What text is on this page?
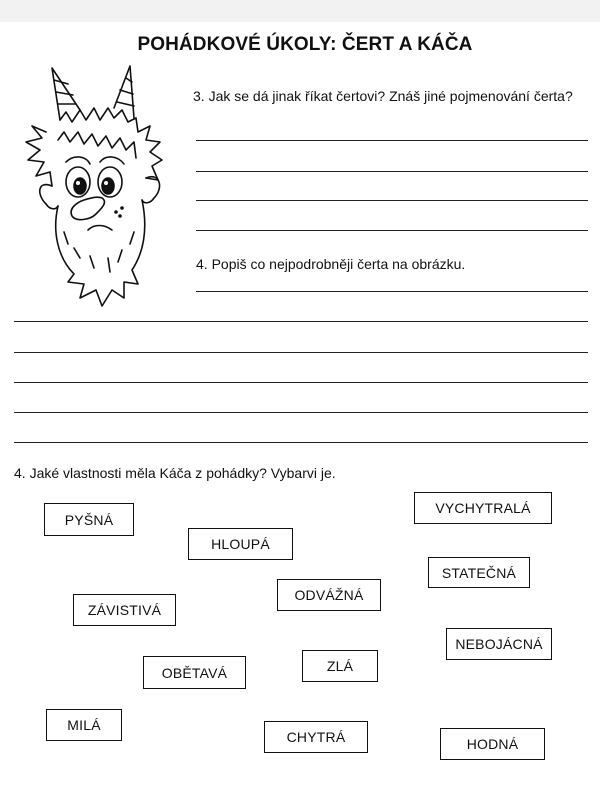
POHÁDKOVÉ ÚKOLY: ČERT A KÁČA
3. Jak se dá jinak říkat čertovi? Znáš jiné pojmenování čerta?
4. Popiš co nejpodrobněji čerta na obrázku.
4. Jaké vlastnosti měla Káča z pohádky? Vybarvi je.
PYŠNÁ
HLOUPÁ
VYCHYTRALÁ
STATEČNÁ
ZÁVISTIVÁ
ODVÁŽNÁ
NEBOJÁCNÁ
OBĚTAVÁ	ZLÁ
MILÁ
CHYTRÁ	HODNÁ
